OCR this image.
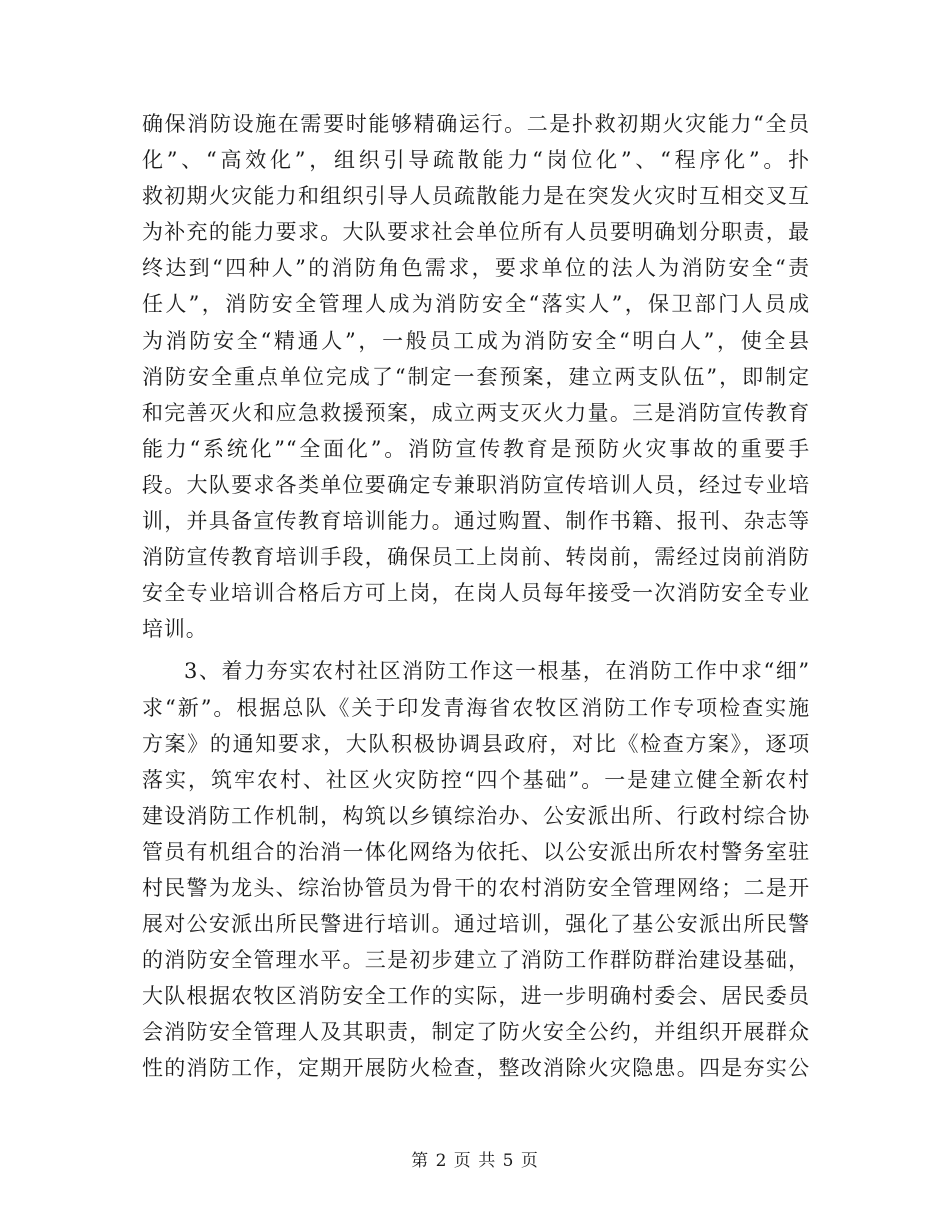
确保消防设施在需要时能够精确运行。二是扑救初期火灾能力“全员
化”、“高效化”，组织引导疏散能力“岗位化”、“程序化”。扑
救初期火灾能力和组织引导人员疏散能力是在突发火灾时互相交叉互
为补充的能力要求。大队要求社会单位所有人员要明确划分职责，最
终达到“四种人”的消防角色需求，要求单位的法人为消防安全“责
任人”，消防安全管理人成为消防安全“落实人”，保卫部门人员成
为消防安全“精通人”，一般员工成为消防安全“明白人”，使全县
消防安全重点单位完成了“制定一套预案，建立两支队伍”，即制定
和完善灭火和应急救援预案，成立两支灭火力量。三是消防宣传教育
能力“系统化”“全面化”。消防宣传教育是预防火灾事故的重要手
段。大队要求各类单位要确定专兼职消防宣传培训人员，经过专业培
训，并具备宣传教育培训能力。通过购置、制作书籍、报刊、杂志等
消防宣传教育培训手段，确保员工上岗前、转岗前，需经过岗前消防
安全专业培训合格后方可上岗，在岗人员每年接受一次消防安全专业
培训。
3、着力夯实农村社区消防工作这一根基，在消防工作中求“细”
求“新”。根据总队《关于印发青海省农牧区消防工作专项检查实施
方案》的通知要求，大队积极协调县政府，对比《检查方案》，逐项
落实，筑牢农村、社区火灾防控“四个基础”。一是建立健全新农村
建设消防工作机制，构筑以乡镇综治办、公安派出所、行政村综合协
管员有机组合的治消一体化网络为依托、以公安派出所农村警务室驻
村民警为龙头、综治协管员为骨干的农村消防安全管理网络；二是开
展对公安派出所民警进行培训。通过培训，强化了基公安派出所民警
的消防安全管理水平。三是初步建立了消防工作群防群治建设基础，
大队根据农牧区消防安全工作的实际，进一步明确村委会、居民委员
会消防安全管理人及其职责，制定了防火安全公约，并组织开展群众
性的消防工作，定期开展防火检查，整改消除火灾隐患。四是夯实公
第 2 页 共 5 页
